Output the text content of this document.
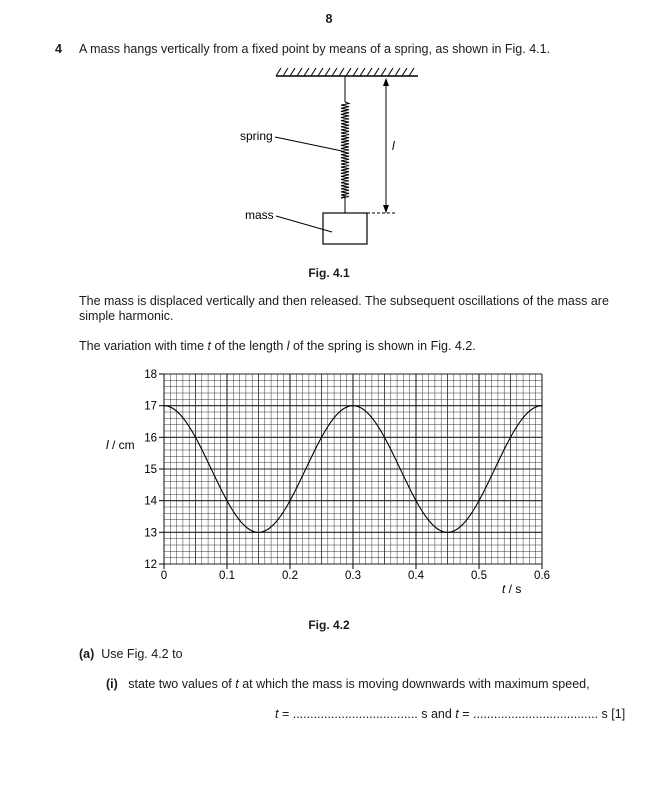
8
4 A mass hangs vertically from a fixed point by means of a spring, as shown in Fig. 4.1.
l
spring
mass
Fig. 4.1
The mass is displaced vertically and then released. The subsequent oscillations of the mass are simple harmonic.
The variation with time t of the length l of the spring is shown in Fig. 4.2.
0	0.1	0.2	0.3	0.4	0.5	0.6
12
13
14
15
16
17
18
l / cm
t / s
Fig. 4.2
(a) Use Fig. 4.2 to
(i) state two values of t at which the mass is moving downwards with maximum speed,
t = .................................... s and t = .................................... s [1]
